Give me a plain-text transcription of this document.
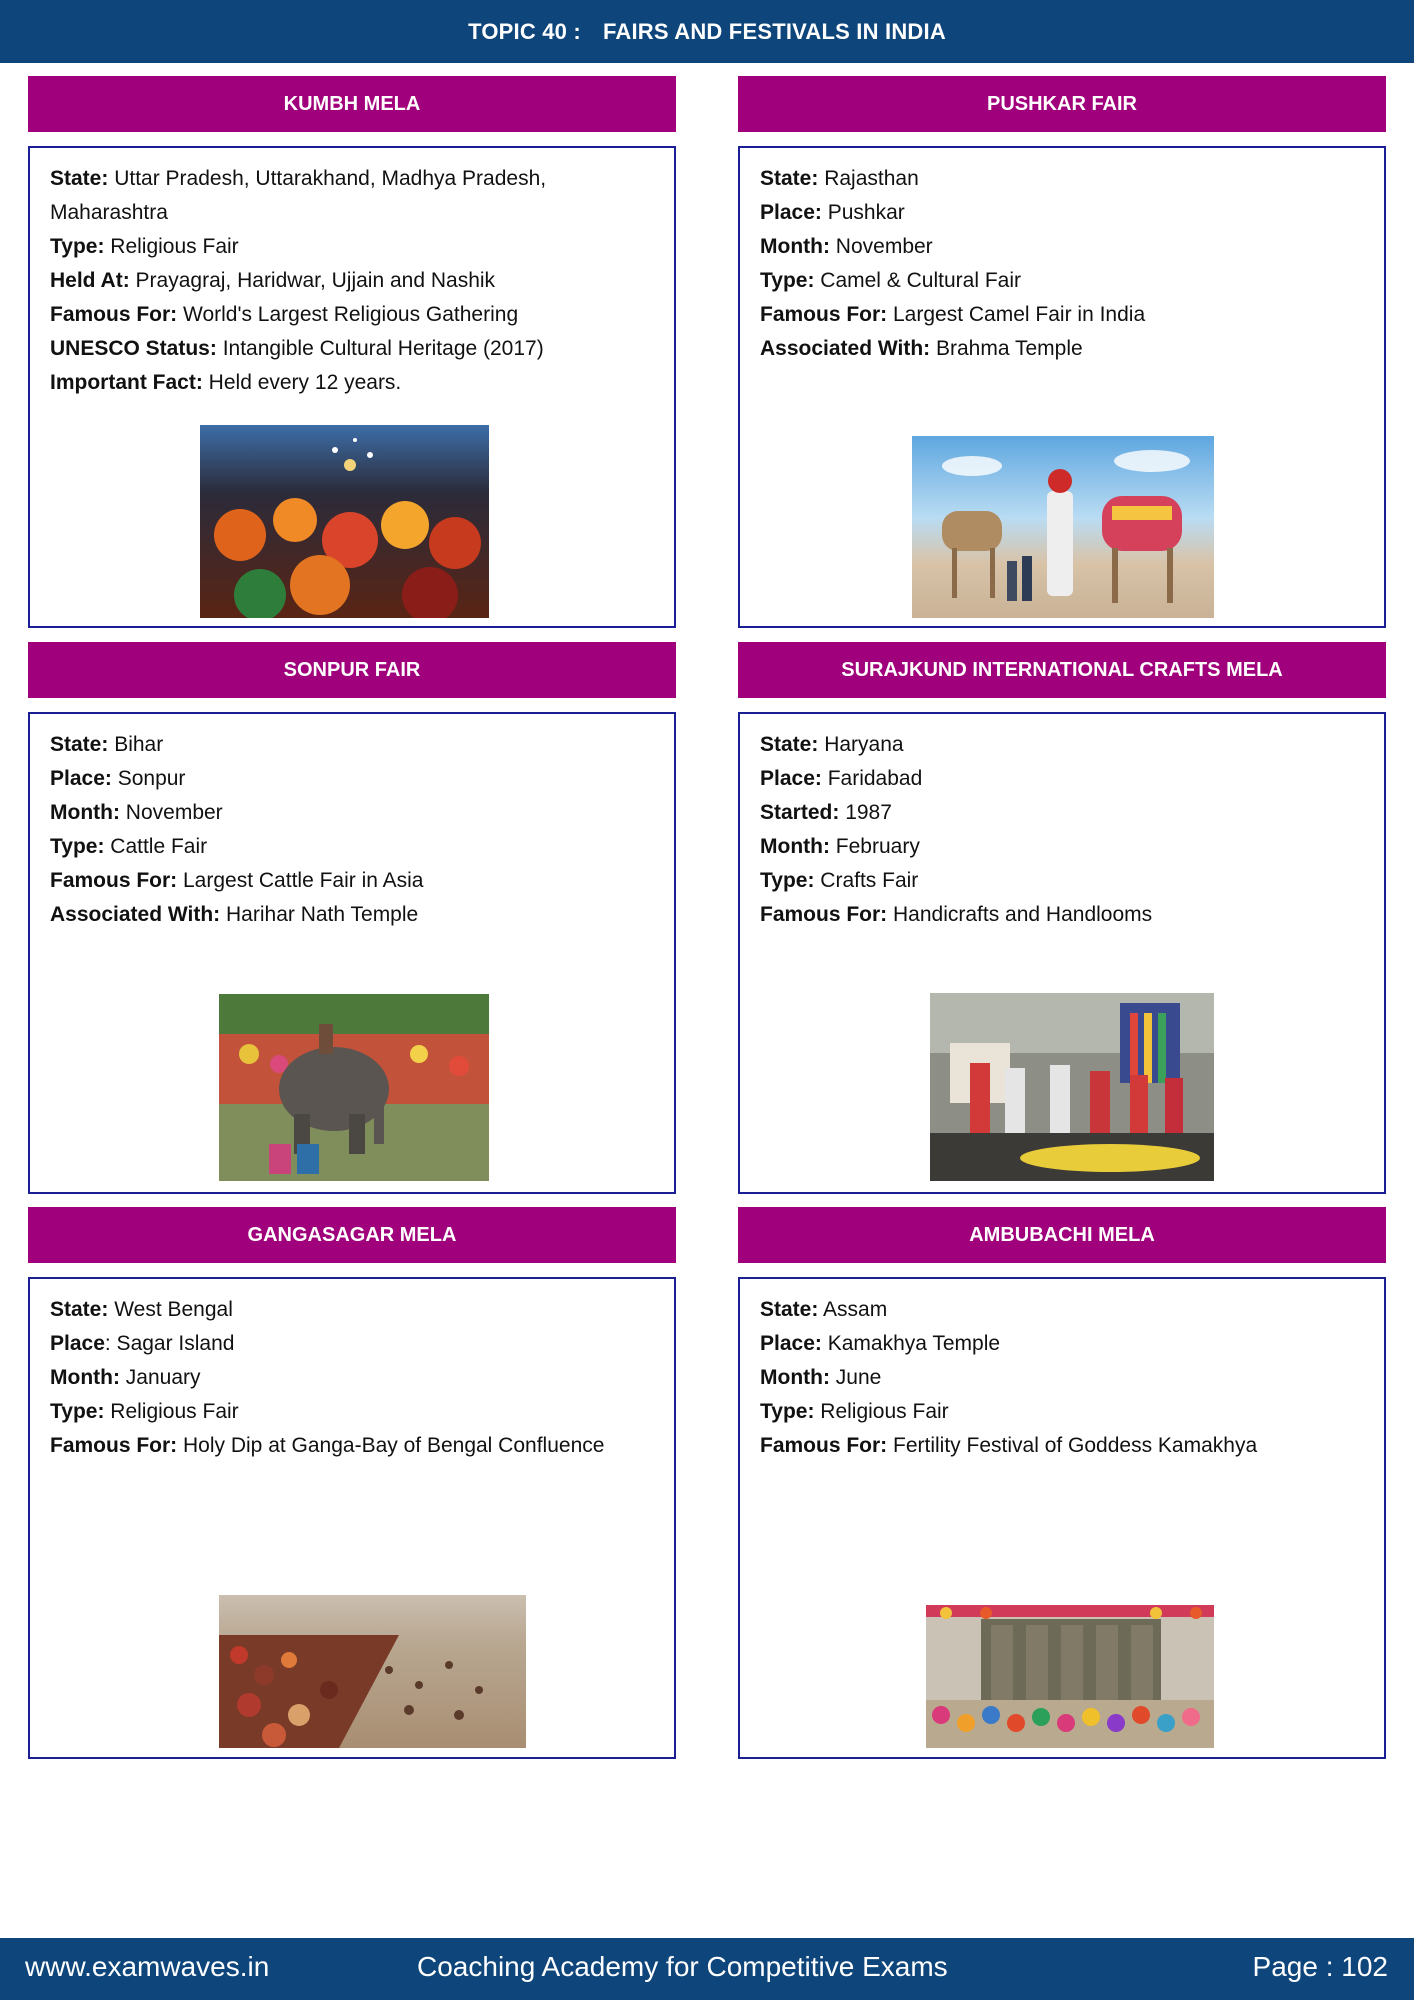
TOPIC 40 : FAIRS AND FESTIVALS IN INDIA
KUMBH MELA
State: Uttar Pradesh, Uttarakhand, Madhya Pradesh, Maharashtra
Type: Religious Fair
Held At: Prayagraj, Haridwar, Ujjain and Nashik
Famous For: World's Largest Religious Gathering
UNESCO Status: Intangible Cultural Heritage (2017)
Important Fact: Held every 12 years.
PUSHKAR FAIR
State: Rajasthan
Place: Pushkar
Month: November
Type: Camel & Cultural Fair
Famous For: Largest Camel Fair in India
Associated With: Brahma Temple
SONPUR FAIR
State: Bihar
Place: Sonpur
Month: November
Type: Cattle Fair
Famous For: Largest Cattle Fair in Asia
Associated With: Harihar Nath Temple
SURAJKUND INTERNATIONAL CRAFTS MELA
State: Haryana
Place: Faridabad
Started: 1987
Month: February
Type: Crafts Fair
Famous For: Handicrafts and Handlooms
GANGASAGAR MELA
State: West Bengal
Place: Sagar Island
Month: January
Type: Religious Fair
Famous For: Holy Dip at Ganga-Bay of Bengal Confluence
AMBUBACHI MELA
State: Assam
Place: Kamakhya Temple
Month: June
Type: Religious Fair
Famous For: Fertility Festival of Goddess Kamakhya
www.examwaves.in	Coaching Academy for Competitive Exams	Page : 102
